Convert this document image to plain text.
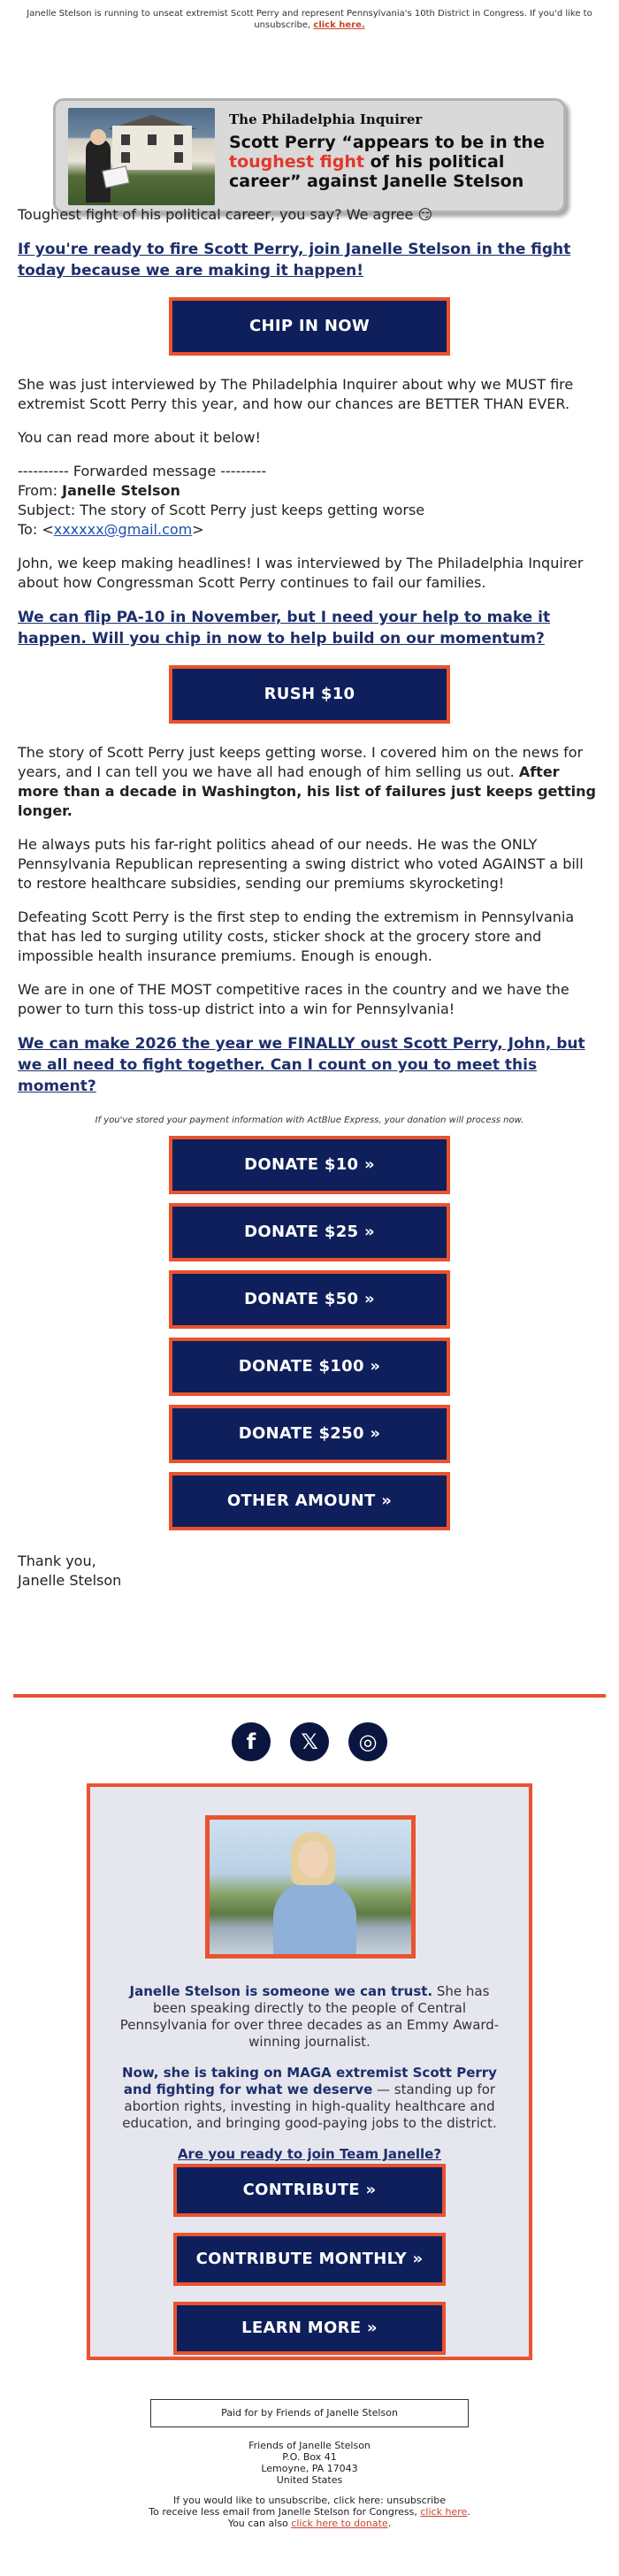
Janelle Stelson is running to unseat extremist Scott Perry and represent Pennsylvania's 10th District in Congress. If you'd like to unsubscribe, click here.
The Philadelphia Inquirer
Scott Perry “appears to be in the toughest fight of his political career” against Janelle Stelson

Toughest fight of his political career, you say? We agree 😏

If you're ready to fire Scott Perry, join Janelle Stelson in the fight today because we are making it happen!

CHIP IN NOW

She was just interviewed by The Philadelphia Inquirer about why we MUST fire extremist Scott Perry this year, and how our chances are BETTER THAN EVER.

You can read more about it below!

---------- Forwarded message ---------
From: Janelle Stelson
Subject: The story of Scott Perry just keeps getting worse
To: <xxxxxx@gmail.com>

John, we keep making headlines! I was interviewed by The Philadelphia Inquirer about how Congressman Scott Perry continues to fail our families.

We can flip PA-10 in November, but I need your help to make it happen. Will you chip in now to help build on our momentum?

RUSH $10

The story of Scott Perry just keeps getting worse. I covered him on the news for years, and I can tell you we have all had enough of him selling us out. After more than a decade in Washington, his list of failures just keeps getting longer.

He always puts his far-right politics ahead of our needs. He was the ONLY Pennsylvania Republican representing a swing district who voted AGAINST a bill to restore healthcare subsidies, sending our premiums skyrocketing!

Defeating Scott Perry is the first step to ending the extremism in Pennsylvania that has led to surging utility costs, sticker shock at the grocery store and impossible health insurance premiums. Enough is enough.

We are in one of THE MOST competitive races in the country and we have the power to turn this toss-up district into a win for Pennsylvania!

We can make 2026 the year we FINALLY oust Scott Perry, John, but we all need to fight together. Can I count on you to meet this moment?

If you've stored your payment information with ActBlue Express, your donation will process now.
DONATE $10 »
DONATE $25 »
DONATE $50 »
DONATE $100 »
DONATE $250 »
OTHER AMOUNT »
Thank you,
Janelle Stelson
f	𝕏	◎

Janelle Stelson is someone we can trust. She has been speaking directly to the people of Central Pennsylvania for over three decades as an Emmy Award-winning journalist.

Now, she is taking on MAGA extremist Scott Perry and fighting for what we deserve — standing up for abortion rights, investing in high-quality healthcare and education, and bringing good-paying jobs to the district.

Are you ready to join Team Janelle?

CONTRIBUTE »
CONTRIBUTE MONTHLY »
LEARN MORE »
Paid for by Friends of Janelle Stelson
Friends of Janelle Stelson
P.O. Box 41
Lemoyne, PA 17043
United States
If you would like to unsubscribe, click here: unsubscribe
To receive less email from Janelle Stelson for Congress, click here.
You can also click here to donate.
